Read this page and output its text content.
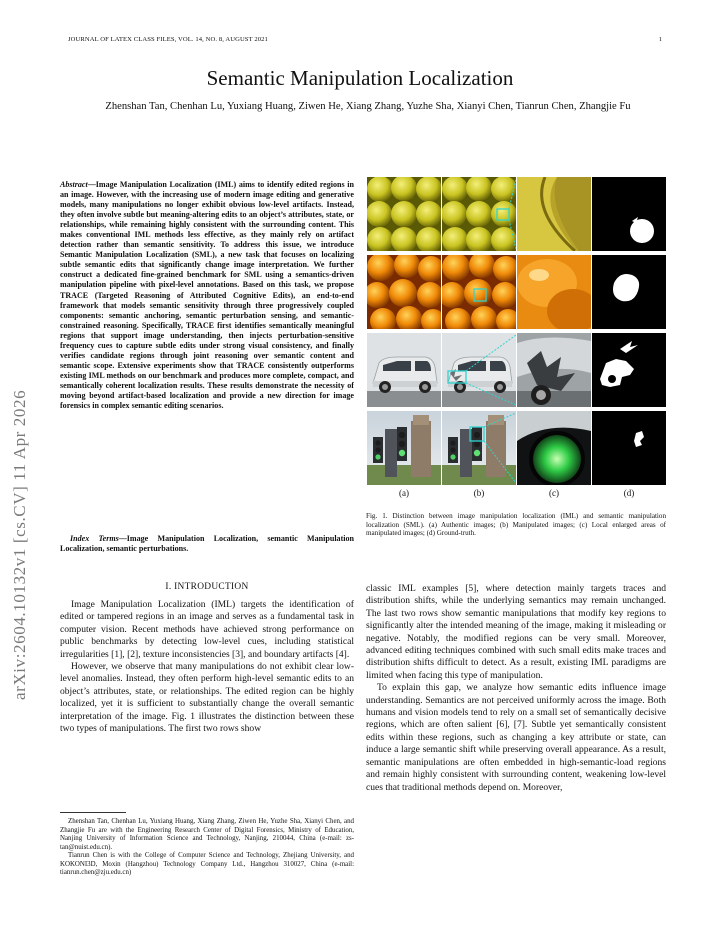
JOURNAL OF LATEX CLASS FILES, VOL. 14, NO. 8, AUGUST 2021	1
arXiv:2604.10132v1 [cs.CV] 11 Apr 2026
Semantic Manipulation Localization
Zhenshan Tan, Chenhan Lu, Yuxiang Huang, Ziwen He, Xiang Zhang, Yuzhe Sha, Xianyi Chen, Tianrun Chen, Zhangjie Fu
Abstract—Image Manipulation Localization (IML) aims to identify edited regions in an image. However, with the increasing use of modern image editing and generative models, many manipulations no longer exhibit obvious low-level artifacts. Instead, they often involve subtle but meaning-altering edits to an object’s attributes, state, or relationships, while remaining highly consistent with the surrounding content. This makes conventional IML methods less effective, as they mainly rely on artifact detection rather than semantic sensitivity. To address this issue, we introduce Semantic Manipulation Localization (SML), a new task that focuses on localizing subtle semantic edits that significantly change image interpretation. We further construct a dedicated fine-grained benchmark for SML using a semantics-driven manipulation pipeline with pixel-level annotations. Based on this task, we propose TRACE (Targeted Reasoning of Attributed Cognitive Edits), an end-to-end framework that models semantic sensitivity through three progressively coupled components: semantic anchoring, semantic perturbation sensing, and semantic-constrained reasoning. Specifically, TRACE first identifies semantically meaningful regions that support image understanding, then injects perturbation-sensitive frequency cues to capture subtle edits under strong visual consistency, and finally verifies candidate regions through joint reasoning over semantic content and semantic scope. Extensive experiments show that TRACE consistently outperforms existing IML methods on our benchmark and produces more complete, compact, and semantically coherent localization results. These results demonstrate the necessity of moving beyond artifact-based localization and provide a new direction for image forensics in complex semantic editing scenarios.
Index Terms—Image Manipulation Localization, semantic Manipulation Localization, semantic perturbations.
I. INTRODUCTION

Image Manipulation Localization (IML) targets the identification of edited or tampered regions in an image and serves as a fundamental task in computer vision. Recent methods have achieved strong performance on public benchmarks by detecting low-level cues, including statistical irregularities [1], [2], texture inconsistencies [3], and boundary artifacts [4].

However, we observe that many manipulations do not exhibit clear low-level anomalies. Instead, they often perform high-level semantic edits to an object’s attributes, state, or relationships. The edited region can be highly localized, yet it is sufficient to substantially change the overall semantic interpretation of the image. Fig. 1 illustrates the distinction between these two types of manipulations. The first two rows show

Zhenshan Tan, Chenhan Lu, Yuxiang Huang, Xiang Zhang, Ziwen He, Yuzhe Sha, Xianyi Chen, and Zhangjie Fu are with the Engineering Research Center of Digital Forensics, Ministry of Education, Nanjing University of Information Science and Technology, Nanjing, 210044, China (e-mail: zs-tan@nuist.edu.cn).

Tianrun Chen is with the College of Computer Science and Technology, Zhejiang University, and KOKONI3D, Moxin (Hangzhou) Technology Company Ltd., Hangzhou 310027, China (e-mail: tianrun.chen@zju.edu.cn)

classic IML examples [5], where detection mainly targets traces and distribution shifts, while the underlying semantics may remain unchanged. The last two rows show semantic manipulations that modify key regions to significantly alter the intended meaning of the image, making it misleading or negative. Notably, the modified regions can be very small. Moreover, advanced editing techniques combined with such small edits make traces and distribution shifts difficult to detect. As a result, existing IML paradigms are limited when facing this type of manipulation.

To explain this gap, we analyze how semantic edits influence image understanding. Semantics are not perceived uniformly across the image. Both humans and vision models tend to rely on a small set of semantically decisive regions, which are often salient [6], [7]. Subtle yet semantically consistent edits within these regions, such as changing a key attribute or state, can induce a large semantic shift while preserving overall appearance. As a result, semantic manipulations are often embedded in high-semantic-load regions and remain highly consistent with surrounding content, weakening low-level cues that traditional methods depend on. Moreover,

(a)	(b)	(c)	(d)
Fig. 1. Distinction between image manipulation localization (IML) and semantic manipulation localization (SML). (a) Authentic images; (b) Manipulated images; (c) Local enlarged areas of manipulated images; (d) Ground-truth.
